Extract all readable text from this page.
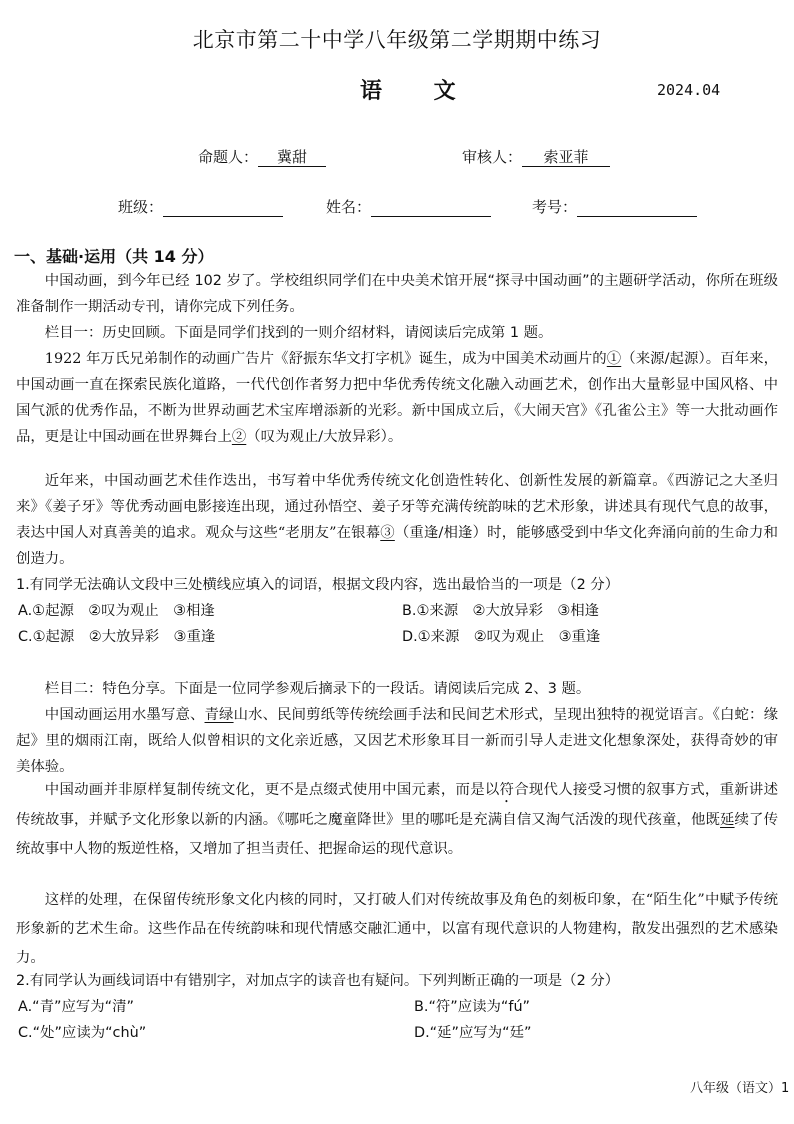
北京市第二十中学八年级第二学期期中练习
语 文	2024.04
命题人： 冀甜	审核人： 索亚菲
班级：	姓名：	考号：
一、基础·运用（共 14 分）
中国动画，到今年已经 102 岁了。学校组织同学们在中央美术馆开展“探寻中国动画”的主题研学活动，你所在班级准备制作一期活动专刊，请你完成下列任务。
栏目一：历史回顾。下面是同学们找到的一则介绍材料，请阅读后完成第 1 题。
1922 年万氏兄弟制作的动画广告片《舒振东华文打字机》诞生，成为中国美术动画片的①（来源/起源）。百年来，中国动画一直在探索民族化道路，一代代创作者努力把中华优秀传统文化融入动画艺术，创作出大量彰显中国风格、中国气派的优秀作品，不断为世界动画艺术宝库增添新的光彩。新中国成立后，《大闹天宫》《孔雀公主》等一大批动画作品，更是让中国动画在世界舞台上②（叹为观止/大放异彩）。
近年来，中国动画艺术佳作迭出，书写着中华优秀传统文化创造性转化、创新性发展的新篇章。《西游记之大圣归来》《姜子牙》等优秀动画电影接连出现，通过孙悟空、姜子牙等充满传统韵味的艺术形象，讲述具有现代气息的故事，表达中国人对真善美的追求。观众与这些“老朋友”在银幕③（重逢/相逢）时，能够感受到中华文化奔涌向前的生命力和创造力。
1.有同学无法确认文段中三处横线应填入的词语，根据文段内容，选出最恰当的一项是（2 分）
A.①起源　②叹为观止　③相逢	B.①来源　②大放异彩　③相逢
C.①起源　②大放异彩　③重逢	D.①来源　②叹为观止　③重逢
栏目二：特色分享。下面是一位同学参观后摘录下的一段话。请阅读后完成 2、3 题。
中国动画运用水墨写意、青绿山水、民间剪纸等传统绘画手法和民间艺术形式，呈现出独特的视觉语言。《白蛇：缘起》里的烟雨江南，既给人似曾相识的文化亲近感，又因艺术形象耳目一新而引导人走进文化想象深处，获得奇妙的审美体验。
中国动画并非原样复制传统文化，更不是点缀式使用中国元素，而是以符合现代人接受习惯的叙事方式，重新讲述传统故事，并赋予文化形象以新的内涵。《哪吒之魔童降世》里的哪吒是充满自信又淘气活泼的现代孩童，他既延续了传统故事中人物的叛逆性格，又增加了担当责任、把握命运的现代意识。
这样的处理，在保留传统形象文化内核的同时，又打破人们对传统故事及角色的刻板印象，在“陌生化”中赋予传统形象新的艺术生命。这些作品在传统韵味和现代情感交融汇通中，以富有现代意识的人物建构，散发出强烈的艺术感染力。
2.有同学认为画线词语中有错别字，对加点字的读音也有疑问。下列判断正确的一项是（2 分）
A.“青”应写为“清”	B.“符”应读为“fú”
C.“处”应读为“chù”	D.“延”应写为“廷”
八年级（语文）1
